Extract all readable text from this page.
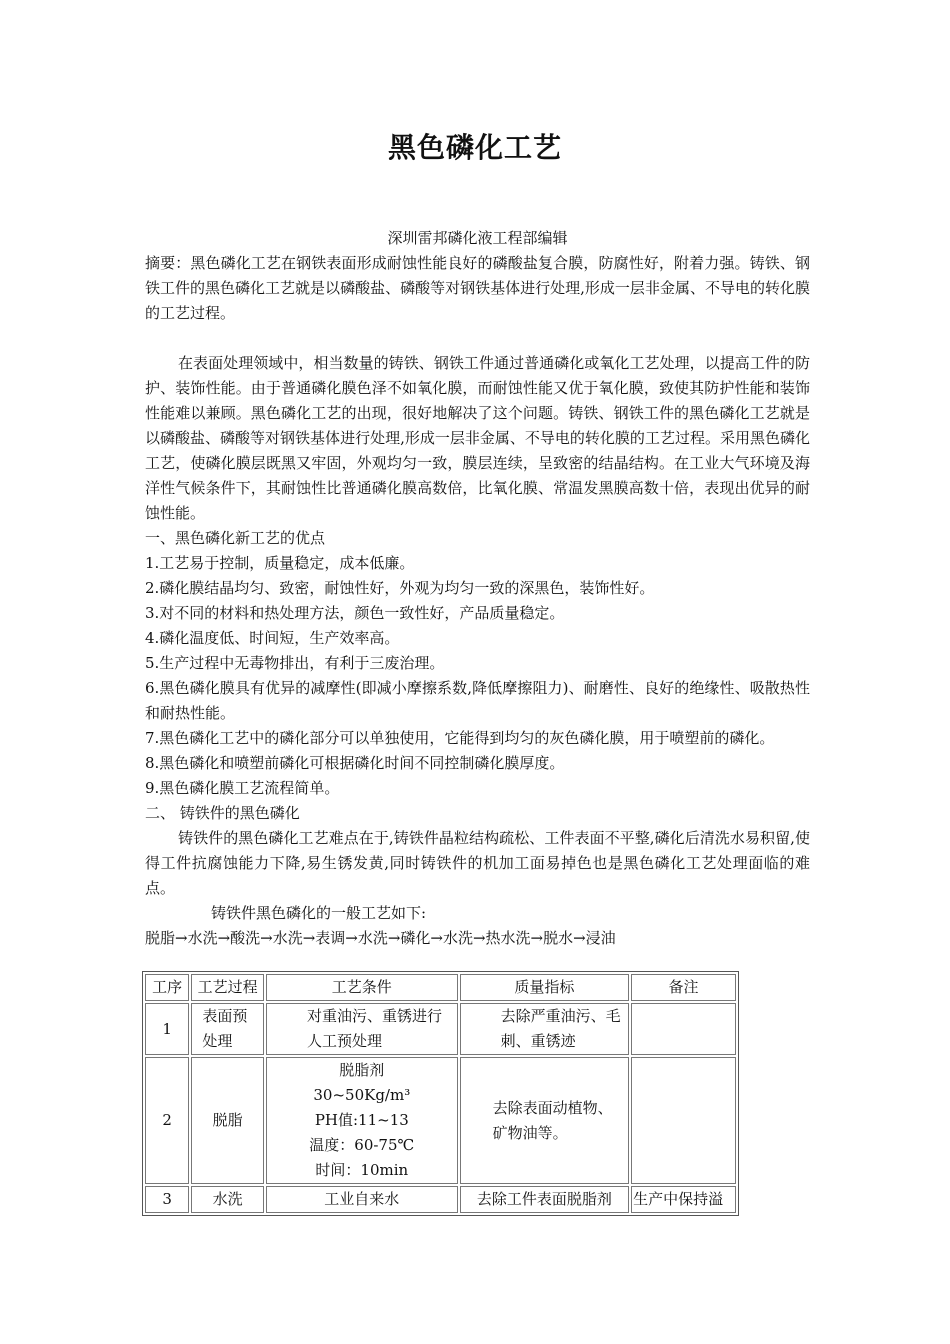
黑色磷化工艺

深圳雷邦磷化液工程部编辑

摘要：黑色磷化工艺在钢铁表面形成耐蚀性能良好的磷酸盐复合膜，防腐性好，附着力强。铸铁、钢铁工件的黑色磷化工艺就是以磷酸盐、磷酸等对钢铁基体进行处理,形成一层非金属、不导电的转化膜的工艺过程。

在表面处理领域中，相当数量的铸铁、钢铁工件通过普通磷化或氧化工艺处理，以提高工件的防护、装饰性能。由于普通磷化膜色泽不如氧化膜，而耐蚀性能又优于氧化膜，致使其防护性能和装饰性能难以兼顾。黑色磷化工艺的出现，很好地解决了这个问题。铸铁、钢铁工件的黑色磷化工艺就是以磷酸盐、磷酸等对钢铁基体进行处理,形成一层非金属、不导电的转化膜的工艺过程。采用黑色磷化工艺，使磷化膜层既黑又牢固，外观均匀一致，膜层连续，呈致密的结晶结构。在工业大气环境及海洋性气候条件下，其耐蚀性比普通磷化膜高数倍，比氧化膜、常温发黑膜高数十倍，表现出优异的耐蚀性能。

一、黑色磷化新工艺的优点

1.工艺易于控制，质量稳定，成本低廉。

2.磷化膜结晶均匀、致密，耐蚀性好，外观为均匀一致的深黑色，装饰性好。

3.对不同的材料和热处理方法，颜色一致性好，产品质量稳定。

4.磷化温度低、时间短，生产效率高。

5.生产过程中无毒物排出，有利于三废治理。

6.黑色磷化膜具有优异的减摩性(即减小摩擦系数,降低摩擦阻力)、耐磨性、良好的绝缘性、吸散热性和耐热性能。

7.黑色磷化工艺中的磷化部分可以单独使用，它能得到均匀的灰色磷化膜，用于喷塑前的磷化。

8.黑色磷化和喷塑前磷化可根据磷化时间不同控制磷化膜厚度。

9.黑色磷化膜工艺流程简单。

二、 铸铁件的黑色磷化

铸铁件的黑色磷化工艺难点在于,铸铁件晶粒结构疏松、工件表面不平整,磷化后清洗水易积留,使得工件抗腐蚀能力下降,易生锈发黄,同时铸铁件的机加工面易掉色也是黑色磷化工艺处理面临的难点。

铸铁件黑色磷化的一般工艺如下:

脱脂→水洗→酸洗→水洗→表调→水洗→磷化→水洗→热水洗→脱水→浸油

工序	工艺过程	工艺条件	质量指标	备注
1	表面预处理	对重油污、重锈进行人工预处理	去除严重油污、毛刺、重锈迹	
2	脱脂	脱脂剂
30~50Kg/m³
PH值:11~13
温度：60-75℃
时间：10min	去除表面动植物、矿物油等。	
3	水洗	工业自来水	去除工件表面脱脂剂	生产中保持溢
